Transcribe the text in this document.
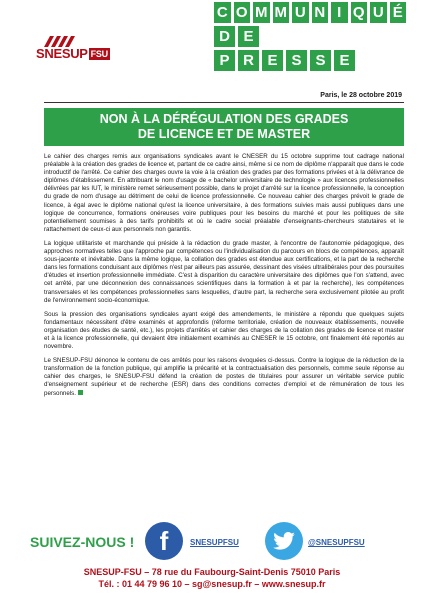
SNESUP FSU
C O M M U N I Q U É
D E
P R E S S E
Paris, le 28 octobre 2019
NON À LA DÉRÉGULATION DES GRADES
DE LICENCE ET DE MASTER

Le cahier des charges remis aux organisations syndicales avant le CNESER du 15 octobre supprime tout cadrage national préalable à la création des grades de licence et, partant de ce cadre ainsi, même si ce nom de diplôme n'apparaît que dans le code introductif de l'arrêté. Ce cahier des charges ouvre la voie à la création des grades par des formations privées et à la délivrance de diplômes d'établissement. En attribuant le nom d'usage de « bachelor universitaire de technologie » aux licences professionnelles délivrées par les IUT, le ministère remet sérieusement possible, dans le projet d'arrêté sur la licence professionnelle, la conception du grade de nom d'usage au détriment de celui de licence professionnelle. Ce nouveau cahier des charges prévoit le grade de licence, à égal avec le diplôme national qu'est la licence universitaire, à des formations suivies mais aussi publiques dans une logique de concurrence, formations onéreuses voire publiques pour les besoins du marché et pour les politiques de site potentiellement soumises à des tarifs prohibitifs et où le cadre social préalable d'enseignants-chercheurs statutaires et le rattachement de ceux-ci aux personnels non garantis.

La logique utilitariste et marchande qui préside à la rédaction du grade master, à l'encontre de l'autonomie pédagogique, des approches normatives telles que l'approche par compétences ou l'individualisation du parcours en blocs de compétences, apparaît sous-jacente et inévitable. Dans la même logique, la collation des grades est étendue aux certifications, et la part de la recherche dans les formations conduisant aux diplômes n'est par ailleurs pas assurée, dessinant des visées ultralibérales pour des poursuites d'études et insertion professionnelle immédiate. C'est à disparition du caractère universitaire des diplômes que l'on s'attend, avec cet arrêté, par une déconnexion des connaissances scientifiques dans la formation à et par la recherche), les compétences transversales et les compétences professionnelles sans lesquelles, d'autre part, la recherche sera exclusivement pilotée au profit de l'environnement socio-économique.

Sous la pression des organisations syndicales ayant exigé des amendements, le ministère a répondu que quelques sujets fondamentaux nécessitent d'être examinés et approfondis (réforme territoriale, création de nouveaux établissements, nouvelle organisation des études de santé, etc.), les projets d'arrêtés et cahier des charges de la collation des grades de licence et master et à la licence professionnelle, qui devaient être initialement examinés au CNESER le 15 octobre, ont finalement été reportés au novembre.

Le SNESUP-FSU dénonce le contenu de ces arrêtés pour les raisons évoquées ci-dessus. Contre la logique de la réduction de la transformation de la fonction publique, qui amplifie la précarité et la contractualisation des personnels, comme seule réponse au cahier des charges, le SNESUP-FSU défend la création de postes de titulaires pour assurer un véritable service public d'enseignement supérieur et de recherche (ESR) dans des conditions correctes d'emploi et de rémunération de tous les personnels.

SUIVEZ-NOUS ! f	SNESUPFSU	@SNESUPFSU
SNESUP-FSU – 78 rue du Faubourg-Saint-Denis 75010 Paris
Tél. : 01 44 79 96 10 – sg@snesup.fr – www.snesup.fr
